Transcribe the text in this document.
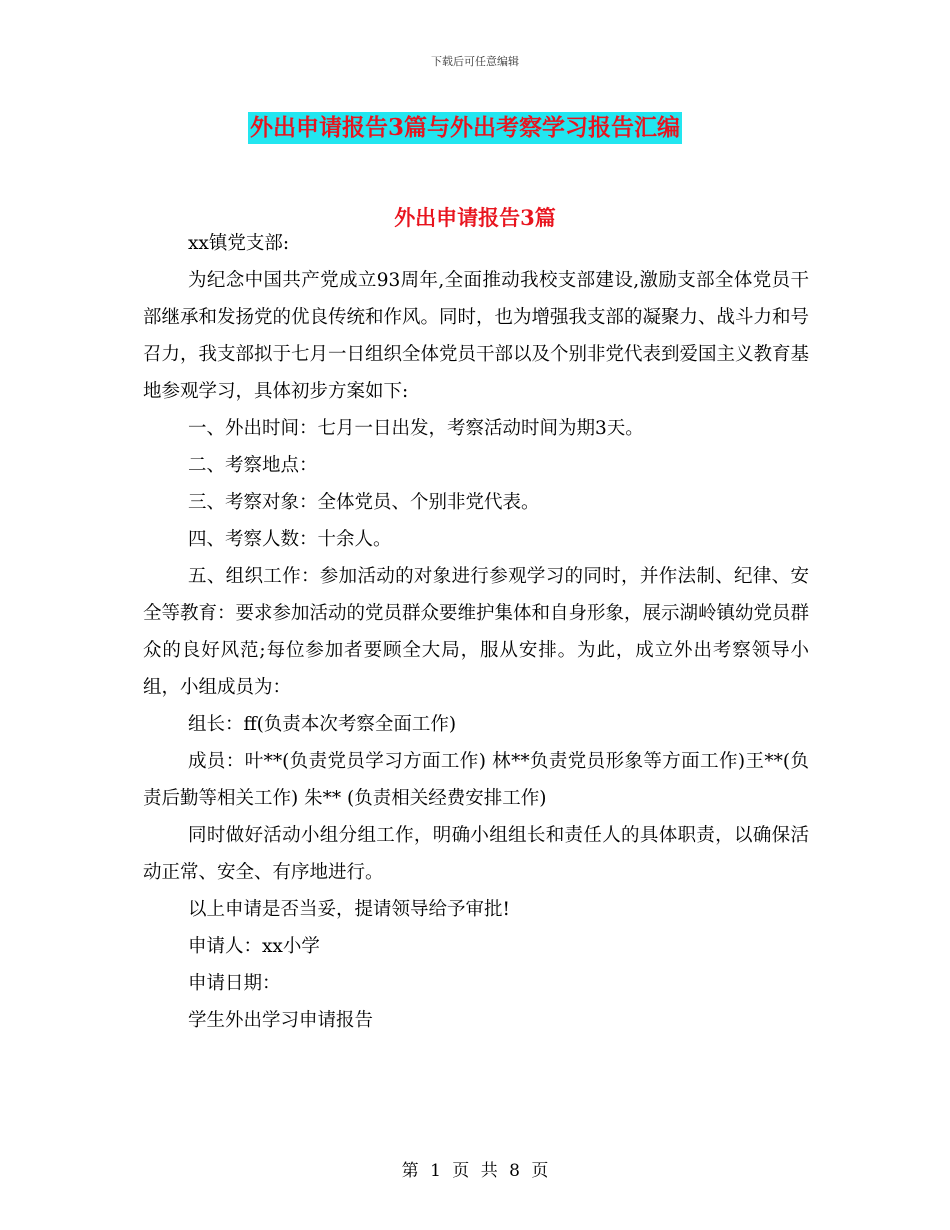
下载后可任意编辑
外出申请报告3篇与外出考察学习报告汇编
外出申请报告3篇

xx镇党支部:

为纪念中国共产党成立93周年,全面推动我校支部建设,激励支部全体党员干部继承和发扬党的优良传统和作风。同时，也为增强我支部的凝聚力、战斗力和号召力，我支部拟于七月一日组织全体党员干部以及个别非党代表到爱国主义教育基地参观学习，具体初步方案如下:

一、外出时间：七月一日出发，考察活动时间为期3天。

二、考察地点：

三、考察对象：全体党员、个别非党代表。

四、考察人数：十余人。

五、组织工作：参加活动的对象进行参观学习的同时，并作法制、纪律、安全等教育：要求参加活动的党员群众要维护集体和自身形象，展示湖岭镇幼党员群众的良好风范;每位参加者要顾全大局，服从安排。为此，成立外出考察领导小组，小组成员为：

组长：ff(负责本次考察全面工作)

成员：叶**(负责党员学习方面工作) 林**负责党员形象等方面工作)王**(负责后勤等相关工作) 朱** (负责相关经费安排工作)

同时做好活动小组分组工作，明确小组组长和责任人的具体职责，以确保活动正常、安全、有序地进行。

以上申请是否当妥，提请领导给予审批!

申请人：xx小学

申请日期：

学生外出学习申请报告

第 1 页 共 8 页
